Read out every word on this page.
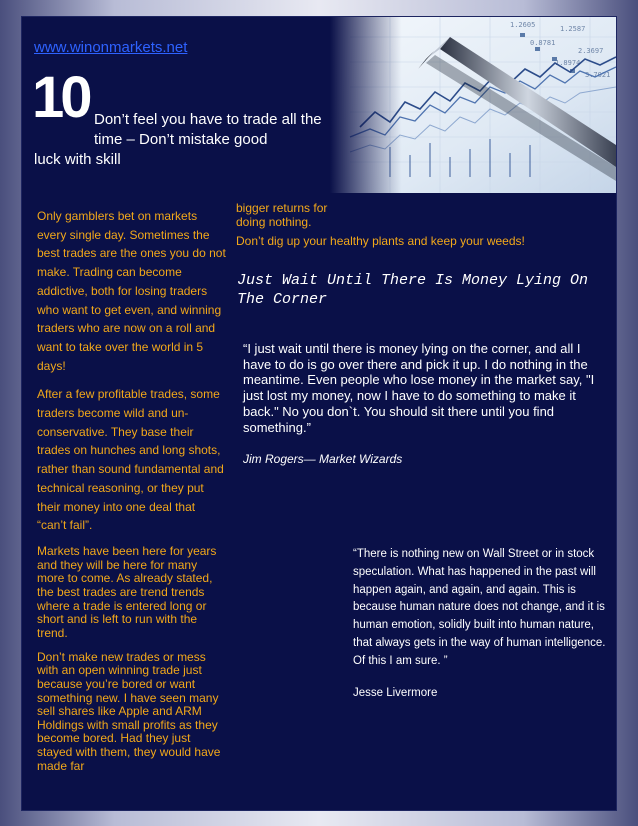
www.winonmarkets.net
10 Don’t feel you have to trade all the time – Don’t mistake good
luck with skill

Only gamblers bet on markets every single day. Sometimes the best trades are the ones you do not make. Trading can become addictive, both for losing traders who want to get even, and winning traders who are now on a roll and want to take over the world in 5 days!

After a few profitable trades, some traders become wild and un-conservative. They base their trades on hunches and long shots, rather than sound fundamental and technical reasoning, or they put their money into one deal that “can’t fail”.

Markets have been here for years and they will be here for many more to come. As already stated, the best trades are trend trends where a trade is entered long or short and is left to run with the trend.

Don’t make new trades or mess with an open winning trade just because you’re bored or want something new. I have seen many sell shares like Apple and ARM Holdings with small profits as they become bored. Had they just stayed with them, they would have made far

bigger returns for doing nothing.

Don’t dig up your healthy plants and keep your weeds!

Just Wait Until There Is Money Lying On The Corner
“I just wait until there is money lying on the corner, and all I have to do is go over there and pick it up. I do nothing in the meantime. Even people who lose money in the market say, "I just lost my money, now I have to do something to make it back." No you don`t. You should sit there until you find something.”
Jim Rogers— Market Wizards
“There is nothing new on Wall Street or in stock speculation. What has happened in the past will happen again, and again, and again. This is because human nature does not change, and it is human emotion, solidly built into human nature, that always gets in the way of human intelligence. Of this I am sure. ”
Jesse Livermore
